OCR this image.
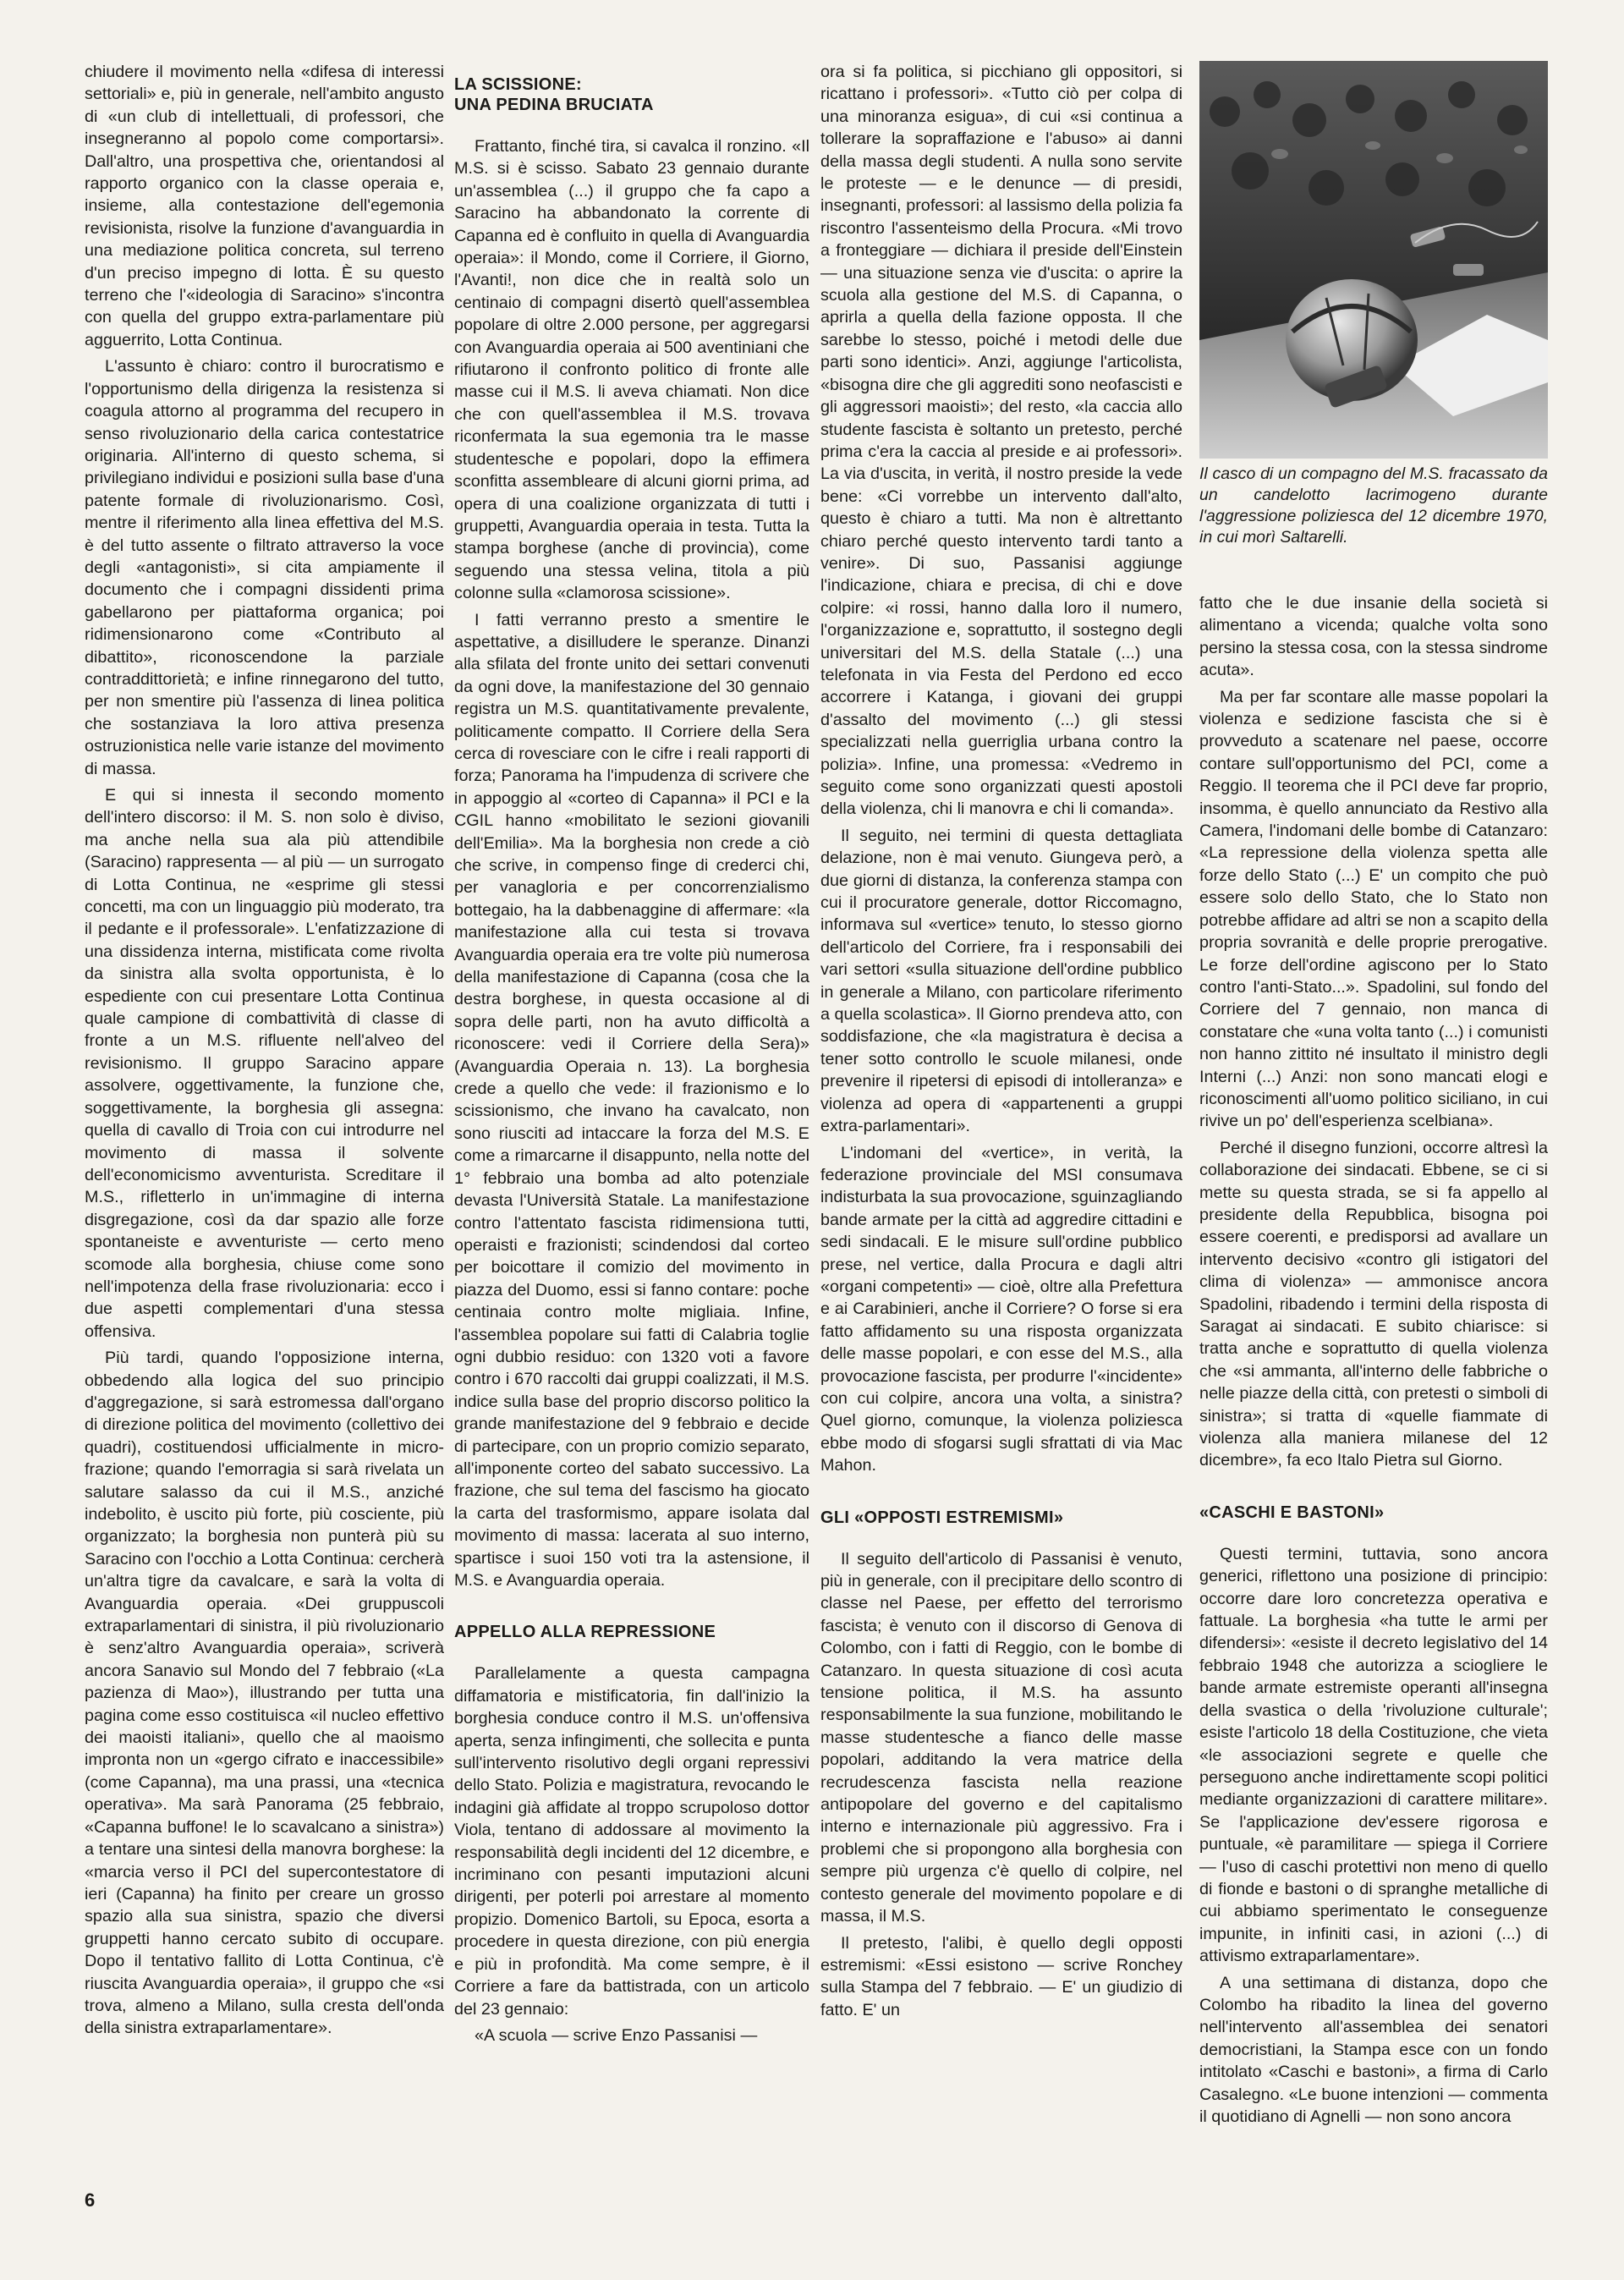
chiudere il movimento nella «difesa di interessi settoriali» e, più in generale, nell'ambito angusto di «un club di intellettuali, di professori, che insegneranno al popolo come comportarsi». Dall'altro, una prospettiva che, orientandosi al rapporto organico con la classe operaia e, insieme, alla contestazione dell'egemonia revisionista, risolve la funzione d'avanguardia in una mediazione politica concreta, sul terreno d'un preciso impegno di lotta. È su questo terreno che l'«ideologia di Saracino» s'incontra con quella del gruppo extra-parlamentare più agguerrito, Lotta Continua.

L'assunto è chiaro: contro il burocratismo e l'opportunismo della dirigenza la resistenza si coagula attorno al programma del recupero in senso rivoluzionario della carica contestatrice originaria. All'interno di questo schema, si privilegiano individui e posizioni sulla base d'una patente formale di rivoluzionarismo. Così, mentre il riferimento alla linea effettiva del M.S. è del tutto assente o filtrato attraverso la voce degli «antagonisti», si cita ampiamente il documento che i compagni dissidenti prima gabellarono per piattaforma organica; poi ridimensionarono come «Contributo al dibattito», riconoscendone la parziale contraddittorietà; e infine rinnegarono del tutto, per non smentire più l'assenza di linea politica che sostanziava la loro attiva presenza ostruzionistica nelle varie istanze del movimento di massa.

E qui si innesta il secondo momento dell'intero discorso: il M. S. non solo è diviso, ma anche nella sua ala più attendibile (Saracino) rappresenta — al più — un surrogato di Lotta Continua, ne «esprime gli stessi concetti, ma con un linguaggio più moderato, tra il pedante e il professorale». L'enfatizzazione di una dissidenza interna, mistificata come rivolta da sinistra alla svolta opportunista, è lo espediente con cui presentare Lotta Continua quale campione di combattività di classe di fronte a un M.S. rifluente nell'alveo del revisionismo. Il gruppo Saracino appare assolvere, oggettivamente, la funzione che, soggettivamente, la borghesia gli assegna: quella di cavallo di Troia con cui introdurre nel movimento di massa il solvente dell'economicismo avventurista. Screditare il M.S., rifletterlo in un'immagine di interna disgregazione, così da dar spazio alle forze spontaneiste e avventuriste — certo meno scomode alla borghesia, chiuse come sono nell'impotenza della frase rivoluzionaria: ecco i due aspetti complementari d'una stessa offensiva.

Più tardi, quando l'opposizione interna, obbedendo alla logica del suo principio d'aggregazione, si sarà estromessa dall'organo di direzione politica del movimento (collettivo dei quadri), costituendosi ufficialmente in micro-frazione; quando l'emorragia si sarà rivelata un salutare salasso da cui il M.S., anziché indebolito, è uscito più forte, più cosciente, più organizzato; la borghesia non punterà più su Saracino con l'occhio a Lotta Continua: cercherà un'altra tigre da cavalcare, e sarà la volta di Avanguardia operaia. «Dei gruppuscoli extraparlamentari di sinistra, il più rivoluzionario è senz'altro Avanguardia operaia», scriverà ancora Sanavio sul Mondo del 7 febbraio («La pazienza di Mao»), illustrando per tutta una pagina come esso costituisca «il nucleo effettivo dei maoisti italiani», quello che al maoismo impronta non un «gergo cifrato e inaccessibile» (come Capanna), ma una prassi, una «tecnica operativa». Ma sarà Panorama (25 febbraio, «Capanna buffone! Ie lo scavalcano a sinistra») a tentare una sintesi della manovra borghese: la «marcia verso il PCI del supercontestatore di ieri (Capanna) ha finito per creare un grosso spazio alla sua sinistra, spazio che diversi gruppetti hanno cercato subito di occupare. Dopo il tentativo fallito di Lotta Continua, c'è riuscita Avanguardia operaia», il gruppo che «si trova, almeno a Milano, sulla cresta dell'onda della sinistra extraparlamentare».

LA SCISSIONE:
UNA PEDINA BRUCIATA

Frattanto, finché tira, si cavalca il ronzino. «Il M.S. si è scisso. Sabato 23 gennaio durante un'assemblea (...) il gruppo che fa capo a Saracino ha abbandonato la corrente di Capanna ed è confluito in quella di Avanguardia operaia»: il Mondo, come il Corriere, il Giorno, l'Avanti!, non dice che in realtà solo un centinaio di compagni disertò quell'assemblea popolare di oltre 2.000 persone, per aggregarsi con Avanguardia operaia ai 500 aventiniani che rifiutarono il confronto politico di fronte alle masse cui il M.S. li aveva chiamati. Non dice che con quell'assemblea il M.S. trovava riconfermata la sua egemonia tra le masse studentesche e popolari, dopo la effimera sconfitta assembleare di alcuni giorni prima, ad opera di una coalizione organizzata di tutti i gruppetti, Avanguardia operaia in testa. Tutta la stampa borghese (anche di provincia), come seguendo una stessa velina, titola a più colonne sulla «clamorosa scissione».

I fatti verranno presto a smentire le aspettative, a disilludere le speranze. Dinanzi alla sfilata del fronte unito dei settari convenuti da ogni dove, la manifestazione del 30 gennaio registra un M.S. quantitativamente prevalente, politicamente compatto. Il Corriere della Sera cerca di rovesciare con le cifre i reali rapporti di forza; Panorama ha l'impudenza di scrivere che in appoggio al «corteo di Capanna» il PCI e la CGIL hanno «mobilitato le sezioni giovanili dell'Emilia». Ma la borghesia non crede a ciò che scrive, in compenso finge di crederci chi, per vanagloria e per concorrenzialismo bottegaio, ha la dabbenaggine di affermare: «la manifestazione alla cui testa si trovava Avanguardia operaia era tre volte più numerosa della manifestazione di Capanna (cosa che la destra borghese, in questa occasione al di sopra delle parti, non ha avuto difficoltà a riconoscere: vedi il Corriere della Sera)» (Avanguardia Operaia n. 13). La borghesia crede a quello che vede: il frazionismo e lo scissionismo, che invano ha cavalcato, non sono riusciti ad intaccare la forza del M.S. E come a rimarcarne il disappunto, nella notte del 1° febbraio una bomba ad alto potenziale devasta l'Università Statale. La manifestazione contro l'attentato fascista ridimensiona tutti, operaisti e frazionisti; scindendosi dal corteo per boicottare il comizio del movimento in piazza del Duomo, essi si fanno contare: poche centinaia contro molte migliaia. Infine, l'assemblea popolare sui fatti di Calabria toglie ogni dubbio residuo: con 1320 voti a favore contro i 670 raccolti dai gruppi coalizzati, il M.S. indice sulla base del proprio discorso politico la grande manifestazione del 9 febbraio e decide di partecipare, con un proprio comizio separato, all'imponente corteo del sabato successivo. La frazione, che sul tema del fascismo ha giocato la carta del trasformismo, appare isolata dal movimento di massa: lacerata al suo interno, spartisce i suoi 150 voti tra la astensione, il M.S. e Avanguardia operaia.

APPELLO ALLA REPRESSIONE

Parallelamente a questa campagna diffamatoria e mistificatoria, fin dall'inizio la borghesia conduce contro il M.S. un'offensiva aperta, senza infingimenti, che sollecita e punta sull'intervento risolutivo degli organi repressivi dello Stato. Polizia e magistratura, revocando le indagini già affidate al troppo scrupoloso dottor Viola, tentano di addossare al movimento la responsabilità degli incidenti del 12 dicembre, e incriminano con pesanti imputazioni alcuni dirigenti, per poterli poi arrestare al momento propizio. Domenico Bartoli, su Epoca, esorta a procedere in questa direzione, con più energia e più in profondità. Ma come sempre, è il Corriere a fare da battistrada, con un articolo del 23 gennaio:

«A scuola — scrive Enzo Passanisi —

ora si fa politica, si picchiano gli oppositori, si ricattano i professori». «Tutto ciò per colpa di una minoranza esigua», di cui «si continua a tollerare la sopraffazione e l'abuso» ai danni della massa degli studenti. A nulla sono servite le proteste — e le denunce — di presidi, insegnanti, professori: al lassismo della polizia fa riscontro l'assenteismo della Procura. «Mi trovo a fronteggiare — dichiara il preside dell'Einstein — una situazione senza vie d'uscita: o aprire la scuola alla gestione del M.S. di Capanna, o aprirla a quella della fazione opposta. Il che sarebbe lo stesso, poiché i metodi delle due parti sono identici». Anzi, aggiunge l'articolista, «bisogna dire che gli aggrediti sono neofascisti e gli aggressori maoisti»; del resto, «la caccia allo studente fascista è soltanto un pretesto, perché prima c'era la caccia al preside e ai professori». La via d'uscita, in verità, il nostro preside la vede bene: «Ci vorrebbe un intervento dall'alto, questo è chiaro a tutti. Ma non è altrettanto chiaro perché questo intervento tardi tanto a venire». Di suo, Passanisi aggiunge l'indicazione, chiara e precisa, di chi e dove colpire: «i rossi, hanno dalla loro il numero, l'organizzazione e, soprattutto, il sostegno degli universitari del M.S. della Statale (...) una telefonata in via Festa del Perdono ed ecco accorrere i Katanga, i giovani dei gruppi d'assalto del movimento (...) gli stessi specializzati nella guerriglia urbana contro la polizia». Infine, una promessa: «Vedremo in seguito come sono organizzati questi apostoli della violenza, chi li manovra e chi li comanda».

Il seguito, nei termini di questa dettagliata delazione, non è mai venuto. Giungeva però, a due giorni di distanza, la conferenza stampa con cui il procuratore generale, dottor Riccomagno, informava sul «vertice» tenuto, lo stesso giorno dell'articolo del Corriere, fra i responsabili dei vari settori «sulla situazione dell'ordine pubblico in generale a Milano, con particolare riferimento a quella scolastica». Il Giorno prendeva atto, con soddisfazione, che «la magistratura è decisa a tener sotto controllo le scuole milanesi, onde prevenire il ripetersi di episodi di intolleranza» e violenza ad opera di «appartenenti a gruppi extra-parlamentari».

L'indomani del «vertice», in verità, la federazione provinciale del MSI consumava indisturbata la sua provocazione, sguinzagliando bande armate per la città ad aggredire cittadini e sedi sindacali. E le misure sull'ordine pubblico prese, nel vertice, dalla Procura e dagli altri «organi competenti» — cioè, oltre alla Prefettura e ai Carabinieri, anche il Corriere? O forse si era fatto affidamento su una risposta organizzata delle masse popolari, e con esse del M.S., alla provocazione fascista, per produrre l'«incidente» con cui colpire, ancora una volta, a sinistra? Quel giorno, comunque, la violenza poliziesca ebbe modo di sfogarsi sugli sfrattati di via Mac Mahon.

GLI «OPPOSTI ESTREMISMI»

Il seguito dell'articolo di Passanisi è venuto, più in generale, con il precipitare dello scontro di classe nel Paese, per effetto del terrorismo fascista; è venuto con il discorso di Genova di Colombo, con i fatti di Reggio, con le bombe di Catanzaro. In questa situazione di così acuta tensione politica, il M.S. ha assunto responsabilmente la sua funzione, mobilitando le masse studentesche a fianco delle masse popolari, additando la vera matrice della recrudescenza fascista nella reazione antipopolare del governo e del capitalismo interno e internazionale più aggressivo. Fra i problemi che si propongono alla borghesia con sempre più urgenza c'è quello di colpire, nel contesto generale del movimento popolare e di massa, il M.S.

Il pretesto, l'alibi, è quello degli opposti estremismi: «Essi esistono — scrive Ronchey sulla Stampa del 7 febbraio. — E' un giudizio di fatto. E' un

Il casco di un compagno del M.S. fracassato da un candelotto lacrimogeno durante l'aggressione poliziesca del 12 dicembre 1970, in cui morì Saltarelli.

fatto che le due insanie della società si alimentano a vicenda; qualche volta sono persino la stessa cosa, con la stessa sindrome acuta».

Ma per far scontare alle masse popolari la violenza e sedizione fascista che si è provveduto a scatenare nel paese, occorre contare sull'opportunismo del PCI, come a Reggio. Il teorema che il PCI deve far proprio, insomma, è quello annunciato da Restivo alla Camera, l'indomani delle bombe di Catanzaro: «La repressione della violenza spetta alle forze dello Stato (...) E' un compito che può essere solo dello Stato, che lo Stato non potrebbe affidare ad altri se non a scapito della propria sovranità e delle proprie prerogative. Le forze dell'ordine agiscono per lo Stato contro l'anti-Stato...». Spadolini, sul fondo del Corriere del 7 gennaio, non manca di constatare che «una volta tanto (...) i comunisti non hanno zittito né insultato il ministro degli Interni (...) Anzi: non sono mancati elogi e riconoscimenti all'uomo politico siciliano, in cui rivive un po' dell'esperienza scelbiana».

Perché il disegno funzioni, occorre altresì la collaborazione dei sindacati. Ebbene, se ci si mette su questa strada, se si fa appello al presidente della Repubblica, bisogna poi essere coerenti, e predisporsi ad avallare un intervento decisivo «contro gli istigatori del clima di violenza» — ammonisce ancora Spadolini, ribadendo i termini della risposta di Saragat ai sindacati. E subito chiarisce: si tratta anche e soprattutto di quella violenza che «si ammanta, all'interno delle fabbriche o nelle piazze della città, con pretesti o simboli di sinistra»; si tratta di «quelle fiammate di violenza alla maniera milanese del 12 dicembre», fa eco Italo Pietra sul Giorno.

«CASCHI E BASTONI»

Questi termini, tuttavia, sono ancora generici, riflettono una posizione di principio: occorre dare loro concretezza operativa e fattuale. La borghesia «ha tutte le armi per difendersi»: «esiste il decreto legislativo del 14 febbraio 1948 che autorizza a sciogliere le bande armate estremiste operanti all'insegna della svastica o della 'rivoluzione culturale'; esiste l'articolo 18 della Costituzione, che vieta «le associazioni segrete e quelle che perseguono anche indirettamente scopi politici mediante organizzazioni di carattere militare». Se l'applicazione dev'essere rigorosa e puntuale, «è paramilitare — spiega il Corriere — l'uso di caschi protettivi non meno di quello di fionde e bastoni o di spranghe metalliche di cui abbiamo sperimentato le conseguenze impunite, in infiniti casi, in azioni (...) di attivismo extraparlamentare».

A una settimana di distanza, dopo che Colombo ha ribadito la linea del governo nell'intervento all'assemblea dei senatori democristiani, la Stampa esce con un fondo intitolato «Caschi e bastoni», a firma di Carlo Casalegno. «Le buone intenzioni — commenta il quotidiano di Agnelli — non sono ancora

6
